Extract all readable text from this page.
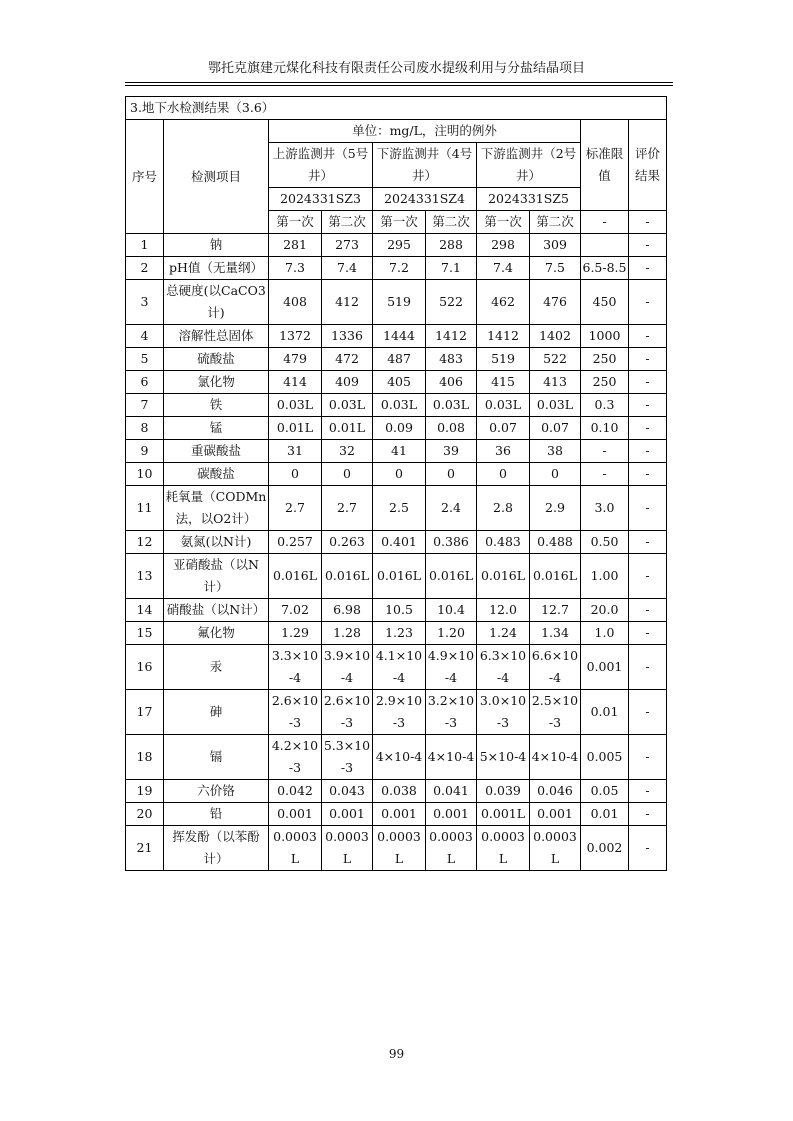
鄂托克旗建元煤化科技有限责任公司废水提级利用与分盐结晶项目
3.地下水检测结果（3.6）									
序号	检测项目	单位：mg/L，注明的例外						标准限值	评价结果
		上游监测井（5号井）		下游监测井（4号井）		下游监测井（2号井）			
		2024331SZ3		2024331SZ4		2024331SZ5			
		第一次	第二次	第一次	第二次	第一次	第二次	-	-
1	钠	281	273	295	288	298	309		-
2	pH值（无量纲）	7.3	7.4	7.2	7.1	7.4	7.5	6.5-8.5	-
3	总硬度(以CaCO3计)	408	412	519	522	462	476	450	-
4	溶解性总固体	1372	1336	1444	1412	1412	1402	1000	-
5	硫酸盐	479	472	487	483	519	522	250	-
6	氯化物	414	409	405	406	415	413	250	-
7	铁	0.03L	0.03L	0.03L	0.03L	0.03L	0.03L	0.3	-
8	锰	0.01L	0.01L	0.09	0.08	0.07	0.07	0.10	-
9	重碳酸盐	31	32	41	39	36	38	-	-
10	碳酸盐	0	0	0	0	0	0	-	-
11	耗氧量（CODMn法，以O2计）	2.7	2.7	2.5	2.4	2.8	2.9	3.0	-
12	氨氮(以N计)	0.257	0.263	0.401	0.386	0.483	0.488	0.50	-
13	亚硝酸盐（以N计）	0.016L	0.016L	0.016L	0.016L	0.016L	0.016L	1.00	-
14	硝酸盐（以N计）	7.02	6.98	10.5	10.4	12.0	12.7	20.0	-
15	氟化物	1.29	1.28	1.23	1.20	1.24	1.34	1.0	-
16	汞	3.3×10-4	3.9×10-4	4.1×10-4	4.9×10-4	6.3×10-4	6.6×10-4	0.001	-
17	砷	2.6×10-3	2.6×10-3	2.9×10-3	3.2×10-3	3.0×10-3	2.5×10-3	0.01	-
18	镉	4.2×10-3	5.3×10-3	4×10-4	4×10-4	5×10-4	4×10-4	0.005	-
19	六价铬	0.042	0.043	0.038	0.041	0.039	0.046	0.05	-
20	铅	0.001	0.001	0.001	0.001	0.001L	0.001	0.01	-
21	挥发酚（以苯酚计）	0.0003L	0.0003L	0.0003L	0.0003L	0.0003L	0.0003L	0.002	-
99
